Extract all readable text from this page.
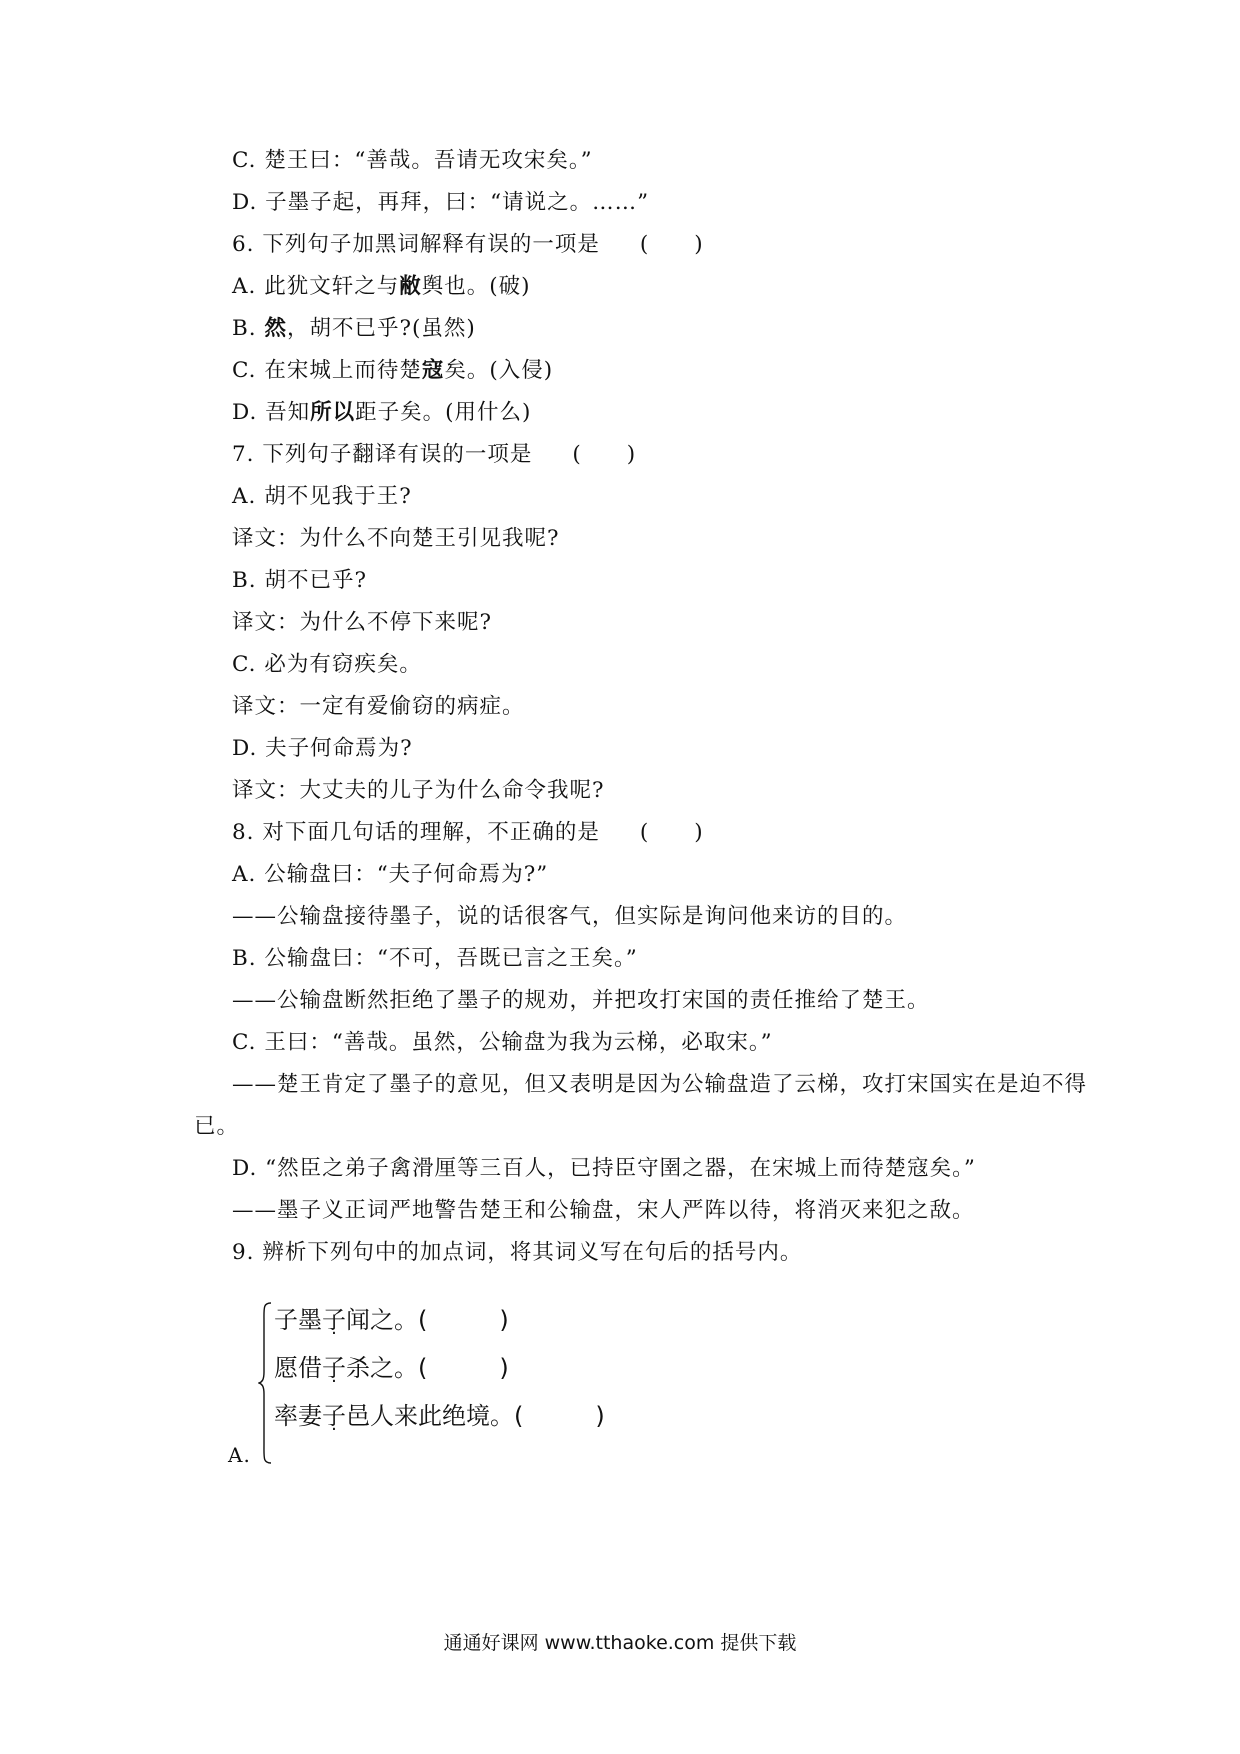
C. 楚王曰：“善哉。吾请无攻宋矣。”
D. 子墨子起，再拜，曰：“请说之。……”
6. 下列句子加黑词解释有误的一项是 (　　)
A. 此犹文轩之与敝舆也。(破)
B. 然，胡不已乎?(虽然)
C. 在宋城上而待楚寇矣。(入侵)
D. 吾知所以距子矣。(用什么)
7. 下列句子翻译有误的一项是 (　　)
A. 胡不见我于王?
译文：为什么不向楚王引见我呢?
B. 胡不已乎?
译文：为什么不停下来呢?
C. 必为有窃疾矣。
译文：一定有爱偷窃的病症。
D. 夫子何命焉为?
译文：大丈夫的儿子为什么命令我呢?
8. 对下面几句话的理解，不正确的是 (　　)
A. 公输盘曰：“夫子何命焉为?”
——公输盘接待墨子，说的话很客气，但实际是询问他来访的目的。
B. 公输盘曰：“不可，吾既已言之王矣。”
——公输盘断然拒绝了墨子的规劝，并把攻打宋国的责任推给了楚王。
C. 王曰：“善哉。虽然，公输盘为我为云梯，必取宋。”
——楚王肯定了墨子的意见，但又表明是因为公输盘造了云梯，攻打宋国实在是迫不得
已。
D. “然臣之弟子禽滑厘等三百人，已持臣守圉之器，在宋城上而待楚寇矣。”
——墨子义正词严地警告楚王和公输盘，宋人严阵以待，将消灭来犯之敌。
9. 辨析下列句中的加点词，将其词义写在句后的括号内。
子墨子闻之。(　　　)
愿借子杀之。(　　　)
率妻子邑人来此绝境。(　　　)
A.
通通好课网 www.tthaoke.com 提供下载
